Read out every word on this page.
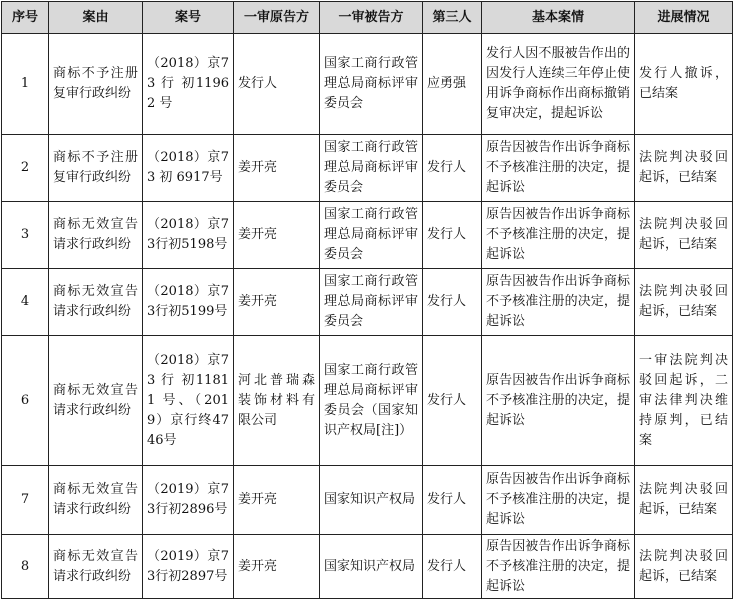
序号	案由	案号	一审原告方	一审被告方	第三人	基本案情	进展情况
1	商标不予注册复审行政纠纷	（2018）京73 行 初11962 号	发行人	国家工商行政管理总局商标评审委员会	应勇强	发行人因不服被告作出的因发行人连续三年停止使用诉争商标作出商标撤销复审决定，提起诉讼	发行人撤诉，已结案
2	商标不予注册复审行政纠纷	（2018）京73 初 6917号	姜开亮	国家工商行政管理总局商标评审委员会	发行人	原告因被告作出诉争商标不予核准注册的决定，提起诉讼	法院判决驳回起诉，已结案
3	商标无效宣告请求行政纠纷	（2018）京73行初5198号	姜开亮	国家工商行政管理总局商标评审委员会	发行人	原告因被告作出诉争商标不予核准注册的决定，提起诉讼	法院判决驳回起诉，已结案
4	商标无效宣告请求行政纠纷	（2018）京73行初5199号	姜开亮	国家工商行政管理总局商标评审委员会	发行人	原告因被告作出诉争商标不予核准注册的决定，提起诉讼	法院判决驳回起诉，已结案
6	商标无效宣告请求行政纠纷	（2018）京73 行 初11811 号、（2019）京行终4746号	河北普瑞森装饰材料有限公司	国家工商行政管理总局商标评审委员会（国家知识产权局[注]）	发行人	原告因被告作出诉争商标不予核准注册的决定，提起诉讼	一审法院判决驳回起诉，二审法律判决维持原判，已结案
7	商标无效宣告请求行政纠纷	（2019）京73行初2896号	姜开亮	国家知识产权局	发行人	原告因被告作出诉争商标不予核准注册的决定，提起诉讼	法院判决驳回起诉，已结案
8	商标无效宣告请求行政纠纷	（2019）京73行初2897号	姜开亮	国家知识产权局	发行人	原告因被告作出诉争商标不予核准注册的决定，提起诉讼	法院判决驳回起诉，已结案
